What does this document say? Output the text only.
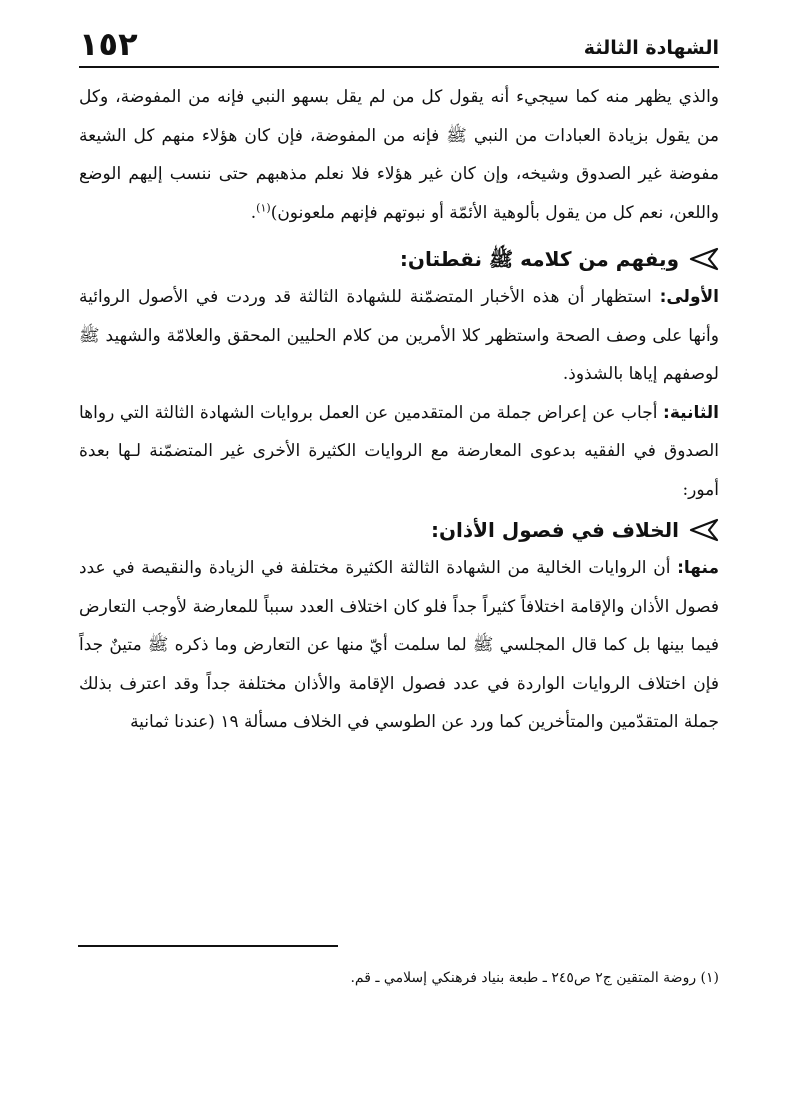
الشهادة الثالثة
١٥٢

والذي يظهر منه كما سيجيء أنه يقول كل من لم يقل بسهو النبي فإنه من المفوضة، وكل من يقول بزيادة العبادات من النبي ﷺ فإنه من المفوضة، فإن كان هؤلاء منهم كل الشيعة مفوضة غير الصدوق وشيخه، وإن كان غير هؤلاء فلا نعلم مذهبهم حتى ننسب إليهم الوضع واللعن، نعم كل من يقول بألوهية الأئمّة أو نبوتهم فإنهم ملعونون)$^{(١)}$.

ويفهم من كلامه ﷺ نقطتان:

الأولى: استظهار أن هذه الأخبار المتضمّنة للشهادة الثالثة قد وردت في الأصول الروائية وأنها على وصف الصحة واستظهر كلا الأمرين من كلام الحليين المحقق والعلامّة والشهيد ﷺ لوصفهم إياها بالشذوذ.

الثانية: أجاب عن إعراض جملة من المتقدمين عن العمل بروايات الشهادة الثالثة التي رواها الصدوق في الفقيه بدعوى المعارضة مع الروايات الكثيرة الأخرى غير المتضمّنة لـها بعدة أمور:

الخلاف في فصول الأذان:

منها: أن الروايات الخالية من الشهادة الثالثة الكثيرة مختلفة في الزيادة والنقيصة في عدد فصول الأذان والإقامة اختلافاً كثيراً جداً فلو كان اختلاف العدد سبباً للمعارضة لأوجب التعارض فيما بينها بل كما قال المجلسي ﷺ لما سلمت أيّ منها عن التعارض وما ذكره ﷺ متينٌ جداً فإن اختلاف الروايات الواردة في عدد فصول الإقامة والأذان مختلفة جداً وقد اعترف بذلك جملة المتقدّمين والمتأخرين كما ورد عن الطوسي في الخلاف مسألة ١٩ (عندنا ثمانية

(١) روضة المتقين ج٢ ص٢٤٥ ـ طبعة بنياد فرهنكي إسلامي ـ قم.
